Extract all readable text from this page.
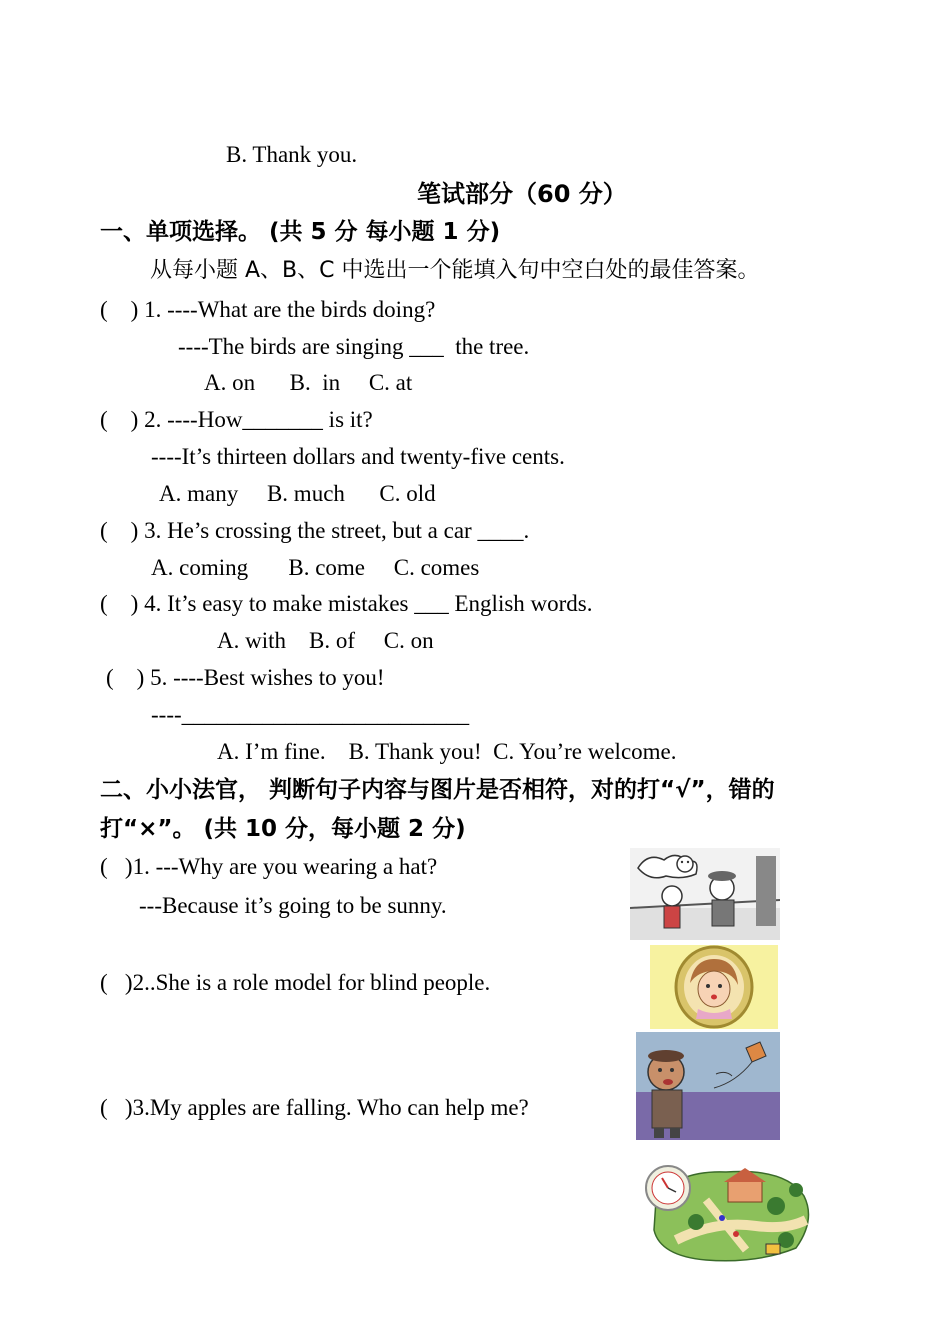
B. Thank you.
笔试部分（60 分）
一、单项选择。 (共 5 分 每小题 1 分)
从每小题 A、B、C 中选出一个能填入句中空白处的最佳答案。
(    ) 1. ----What are the birds doing?
----The birds are singing ___  the tree.
A. on      B.  in     C. at
(    ) 2. ----How_______ is it?
----It’s thirteen dollars and twenty-five cents.
A. many     B. much      C. old
(    ) 3. He’s crossing the street, but a car ____.
A. coming       B. come     C. comes
(    ) 4. It’s easy to make mistakes ___ English words.
A. with    B. of     C. on
(    ) 5. ----Best wishes to you!
----_________________________
A. I’m fine.    B. Thank you!  C. You’re welcome.
二、小小法官， 判断句子内容与图片是否相符，对的打“√”，错的
打“×”。 (共 10 分，每小题 2 分)
(   )1. ---Why are you wearing a hat?
---Because it’s going to be sunny.
(   )2..She is a role model for blind people.
(   )3.My apples are falling. Who can help me?
